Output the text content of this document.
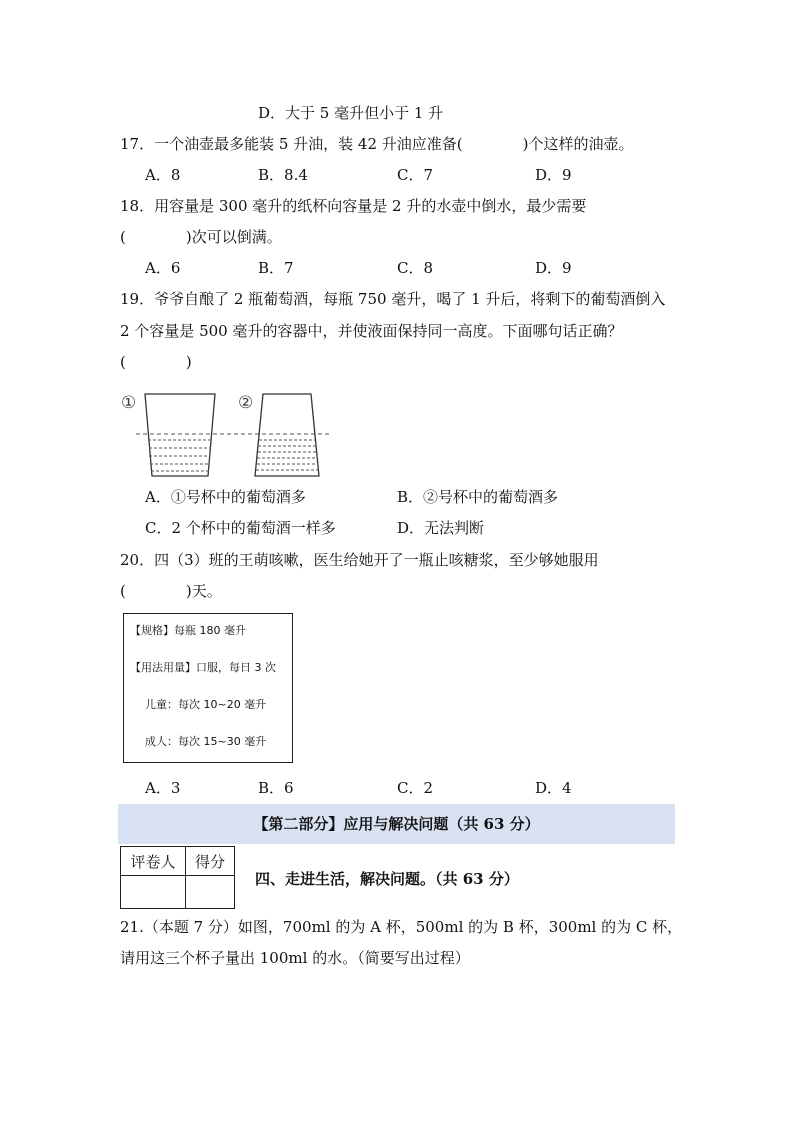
D．大于 5 毫升但小于 1 升
17．一个油壶最多能装 5 升油，装 42 升油应准备(　　　　)个这样的油壶。
A．8	B．8.4	C．7	D．9
18．用容量是 300 毫升的纸杯向容量是 2 升的水壶中倒水，最少需要
(　　　　)次可以倒满。
A．6	B．7	C．8	D．9
19．爷爷自酿了 2 瓶葡萄酒，每瓶 750 毫升，喝了 1 升后，将剩下的葡萄酒倒入
2 个容量是 500 毫升的容器中，并使液面保持同一高度。下面哪句话正确？
(　　　　)
①	②
A．①号杯中的葡萄酒多	B．②号杯中的葡萄酒多
C．2 个杯中的葡萄酒一样多	D．无法判断
20．四（3）班的王萌咳嗽，医生给她开了一瓶止咳糖浆，至少够她服用
(　　　　)天。
【规格】每瓶 180 毫升
【用法用量】口服，每日 3 次
儿童：每次 10~20 毫升
成人：每次 15~30 毫升
A．3	B．6	C．2	D．4
【第二部分】应用与解决问题（共 63 分）
评卷人	得分

四、走进生活，解决问题。（共 63 分）
21.（本题 7 分）如图，700ml 的为 A 杯，500ml 的为 B 杯，300ml 的为 C 杯，
请用这三个杯子量出 100ml 的水。（简要写出过程）
